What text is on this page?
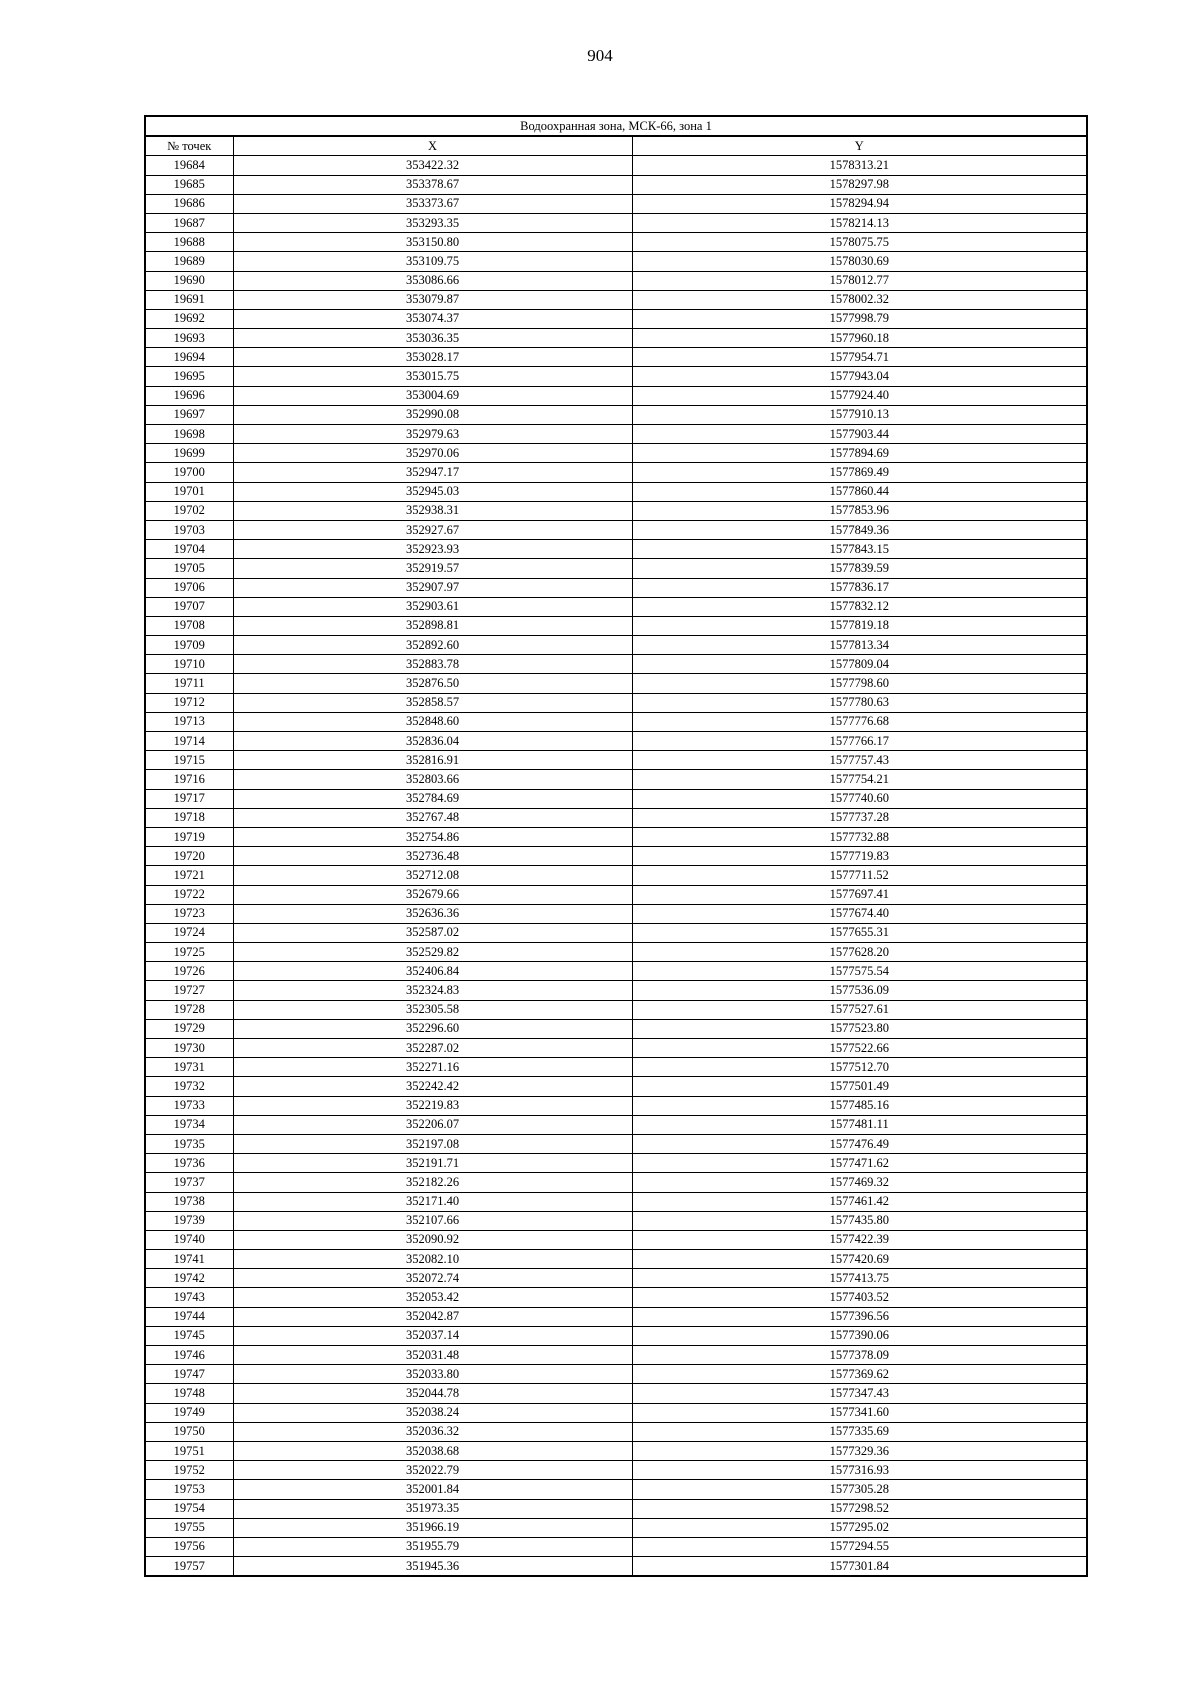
904
Водоохранная зона, МСК-66, зона 1		
№ точек	X	Y
19684	353422.32	1578313.21
19685	353378.67	1578297.98
19686	353373.67	1578294.94
19687	353293.35	1578214.13
19688	353150.80	1578075.75
19689	353109.75	1578030.69
19690	353086.66	1578012.77
19691	353079.87	1578002.32
19692	353074.37	1577998.79
19693	353036.35	1577960.18
19694	353028.17	1577954.71
19695	353015.75	1577943.04
19696	353004.69	1577924.40
19697	352990.08	1577910.13
19698	352979.63	1577903.44
19699	352970.06	1577894.69
19700	352947.17	1577869.49
19701	352945.03	1577860.44
19702	352938.31	1577853.96
19703	352927.67	1577849.36
19704	352923.93	1577843.15
19705	352919.57	1577839.59
19706	352907.97	1577836.17
19707	352903.61	1577832.12
19708	352898.81	1577819.18
19709	352892.60	1577813.34
19710	352883.78	1577809.04
19711	352876.50	1577798.60
19712	352858.57	1577780.63
19713	352848.60	1577776.68
19714	352836.04	1577766.17
19715	352816.91	1577757.43
19716	352803.66	1577754.21
19717	352784.69	1577740.60
19718	352767.48	1577737.28
19719	352754.86	1577732.88
19720	352736.48	1577719.83
19721	352712.08	1577711.52
19722	352679.66	1577697.41
19723	352636.36	1577674.40
19724	352587.02	1577655.31
19725	352529.82	1577628.20
19726	352406.84	1577575.54
19727	352324.83	1577536.09
19728	352305.58	1577527.61
19729	352296.60	1577523.80
19730	352287.02	1577522.66
19731	352271.16	1577512.70
19732	352242.42	1577501.49
19733	352219.83	1577485.16
19734	352206.07	1577481.11
19735	352197.08	1577476.49
19736	352191.71	1577471.62
19737	352182.26	1577469.32
19738	352171.40	1577461.42
19739	352107.66	1577435.80
19740	352090.92	1577422.39
19741	352082.10	1577420.69
19742	352072.74	1577413.75
19743	352053.42	1577403.52
19744	352042.87	1577396.56
19745	352037.14	1577390.06
19746	352031.48	1577378.09
19747	352033.80	1577369.62
19748	352044.78	1577347.43
19749	352038.24	1577341.60
19750	352036.32	1577335.69
19751	352038.68	1577329.36
19752	352022.79	1577316.93
19753	352001.84	1577305.28
19754	351973.35	1577298.52
19755	351966.19	1577295.02
19756	351955.79	1577294.55
19757	351945.36	1577301.84
